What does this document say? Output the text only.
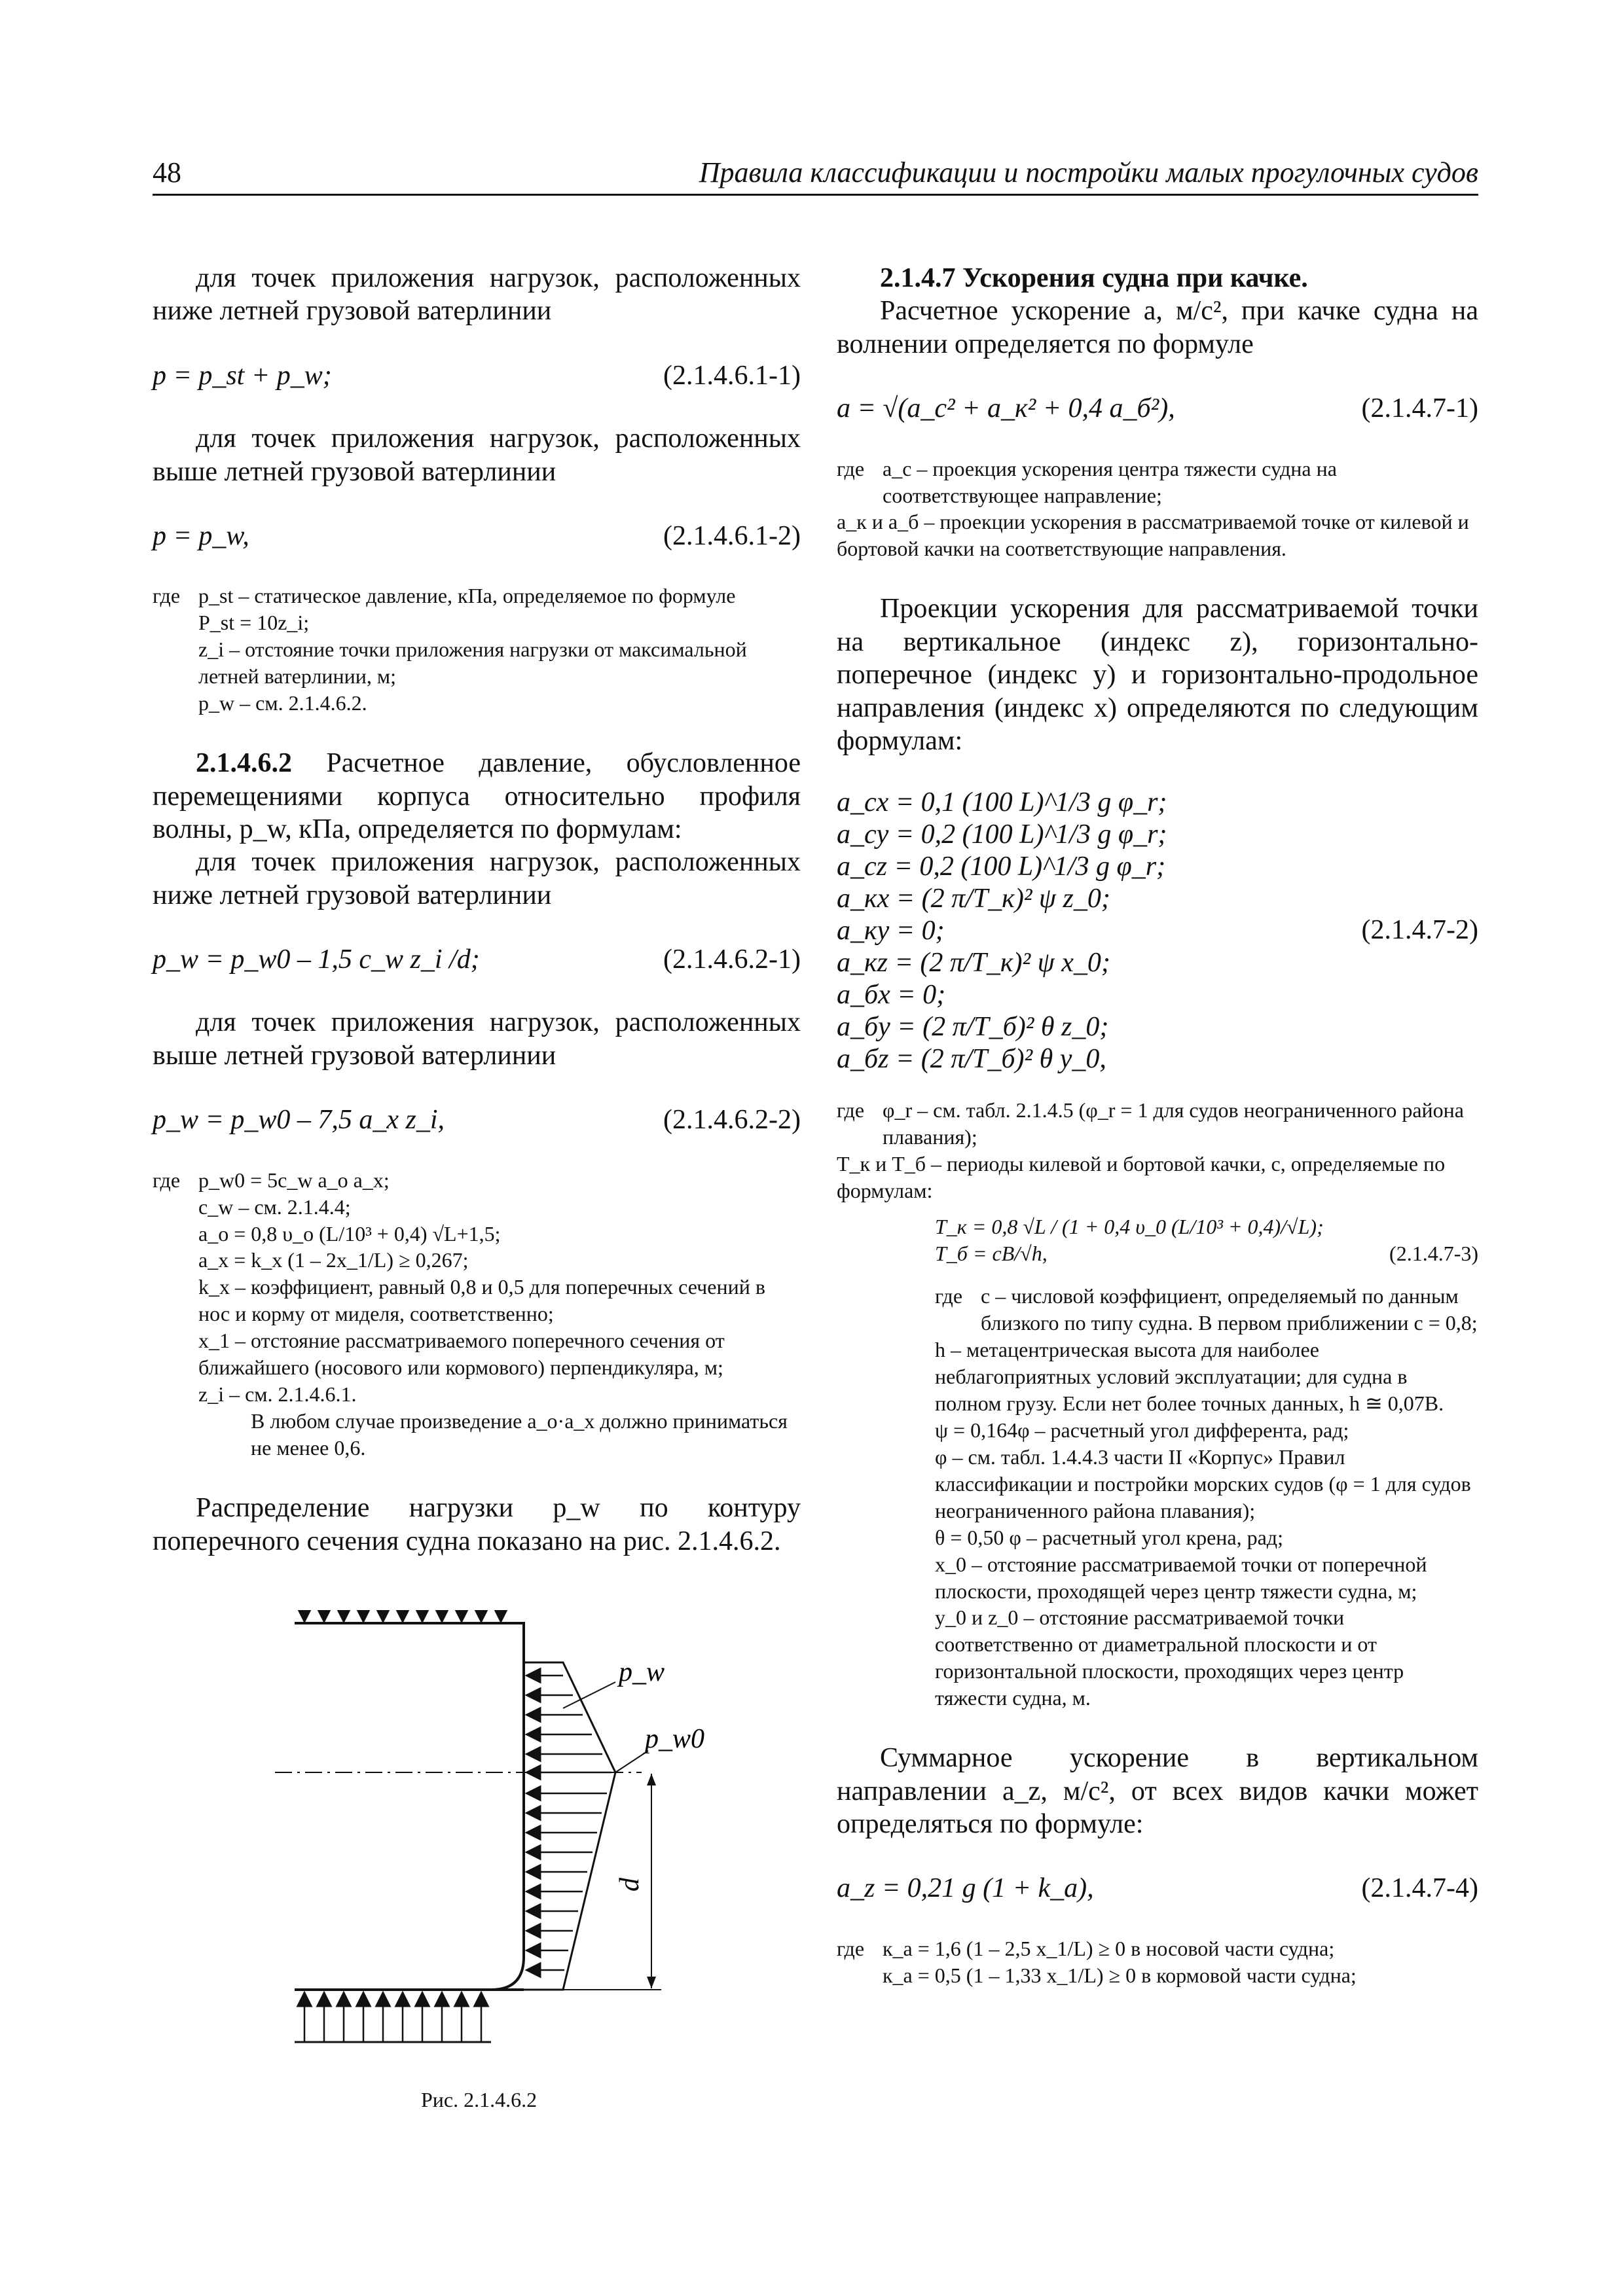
48	Правила классификации и постройки малых прогулочных судов

для точек приложения нагрузок, расположенных ниже летней грузовой ватерлинии

p = p_st + p_w;	(2.1.4.6.1-1)

для точек приложения нагрузок, расположенных выше летней грузовой ватерлинии

p = p_w,	(2.1.4.6.1-2)
где p_st – статическое давление, кПа, определяемое по формуле
P_st = 10z_i;
z_i – отстояние точки приложения нагрузки от максимальной летней ватерлинии, м;
p_w – см. 2.1.4.6.2.

2.1.4.6.2 Расчетное давление, обусловленное перемещениями корпуса относительно профиля волны, p_w, кПа, определяется по формулам:

для точек приложения нагрузок, расположенных ниже летней грузовой ватерлинии

p_w = p_w0 – 1,5 c_w z_i /d;	(2.1.4.6.2-1)

для точек приложения нагрузок, расположенных выше летней грузовой ватерлинии

p_w = p_w0 – 7,5 a_x z_i,	(2.1.4.6.2-2)
где p_w0 = 5c_w a_o a_x;
c_w – см. 2.1.4.4;
a_o = 0,8 υ_o (L/10³ + 0,4) √L+1,5;
a_x = k_x (1 – 2x_1/L) ≥ 0,267;
k_x – коэффициент, равный 0,8 и 0,5 для поперечных сечений в нос и корму от миделя, соответственно;
x_1 – отстояние рассматриваемого поперечного сечения от ближайшего (носового или кормового) перпендикуляра, м;
z_i – см. 2.1.4.6.1.
В любом случае произведение a_o·a_x должно приниматься не менее 0,6.

Распределение нагрузки p_w по контуру поперечного сечения судна показано на рис. 2.1.4.6.2.

p_w
p_w0
d
Рис. 2.1.4.6.2

2.1.4.7 Ускорения судна при качке.

Расчетное ускорение a, м/с², при качке судна на волнении определяется по формуле

a = √(a_c² + a_к² + 0,4 a_б²),	(2.1.4.7-1)
где a_c – проекция ускорения центра тяжести судна на соответствующее направление;
a_к и a_б – проекции ускорения в рассматриваемой точке от килевой и бортовой качки на соответствующие направления.

Проекции ускорения для рассматриваемой точки на вертикальное (индекс z), горизонтально-поперечное (индекс y) и горизонтально-продольное направления (индекс x) определяются по следующим формулам:

a_cx = 0,1 (100 L)^1/3 g φ_r;
a_cy = 0,2 (100 L)^1/3 g φ_r;
a_cz = 0,2 (100 L)^1/3 g φ_r;
a_кx = (2 π/T_к)² ψ z_0;
a_кy = 0;
a_кz = (2 π/T_к)² ψ x_0;
a_бx = 0;
a_бy = (2 π/T_б)² θ z_0;
a_бz = (2 π/T_б)² θ y_0,
(2.1.4.7-2)
где φ_r – см. табл. 2.1.4.5 (φ_r = 1 для судов неограниченного района плавания);
T_к и T_б – периоды килевой и бортовой качки, с, определяемые по формулам:
T_к = 0,8 √L / (1 + 0,4 υ_0 (L/10³ + 0,4)/√L);
T_б = cB/√h,	(2.1.4.7-3)
где c – числовой коэффициент, определяемый по данным близкого по типу судна. В первом приближении c = 0,8;
h – метацентрическая высота для наиболее неблагоприятных условий эксплуатации; для судна в полном грузу. Если нет более точных данных, h ≅ 0,07B.
ψ = 0,164φ – расчетный угол дифферента, рад;
φ – см. табл. 1.4.4.3 части II «Корпус» Правил классификации и постройки морских судов (φ = 1 для судов неограниченного района плавания);
θ = 0,50 φ – расчетный угол крена, рад;
x_0 – отстояние рассматриваемой точки от поперечной плоскости, проходящей через центр тяжести судна, м;
y_0 и z_0 – отстояние рассматриваемой точки соответственно от диаметральной плоскости и от горизонтальной плоскости, проходящих через центр тяжести судна, м.

Суммарное ускорение в вертикальном направлении a_z, м/с², от всех видов качки может определяться по формуле:

a_z = 0,21 g (1 + k_a),	(2.1.4.7-4)
где к_a = 1,6 (1 – 2,5 x_1/L) ≥ 0 в носовой части судна;
к_a = 0,5 (1 – 1,33 x_1/L) ≥ 0 в кормовой части судна;
